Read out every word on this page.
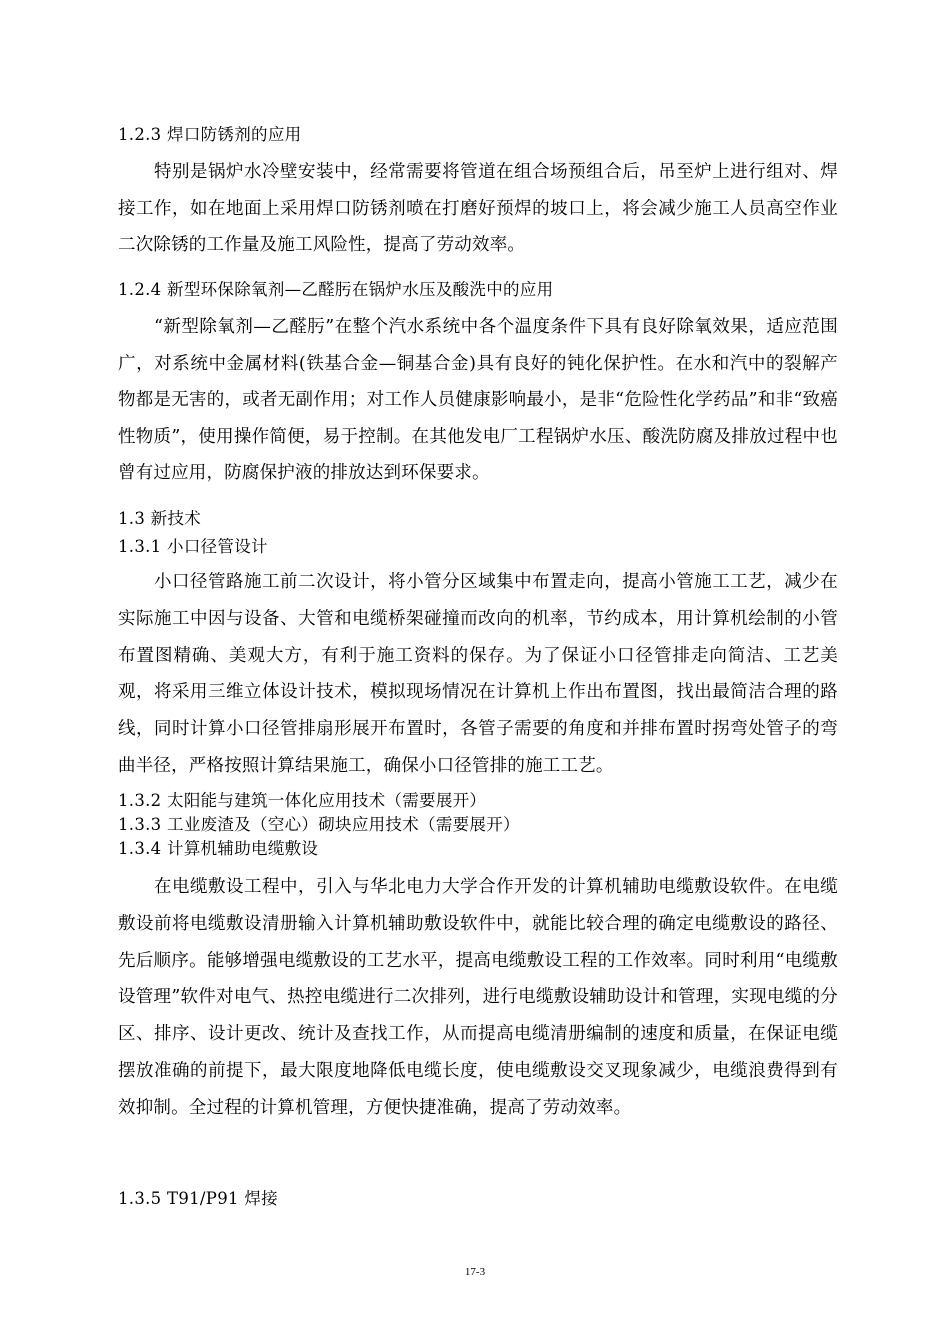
1.2.3 焊口防锈剂的应用

特别是锅炉水冷壁安装中，经常需要将管道在组合场预组合后，吊至炉上进行组对、焊接工作，如在地面上采用焊口防锈剂喷在打磨好预焊的坡口上，将会减少施工人员高空作业二次除锈的工作量及施工风险性，提高了劳动效率。

1.2.4 新型环保除氧剂—乙醛肟在锅炉水压及酸洗中的应用

“新型除氧剂—乙醛肟”在整个汽水系统中各个温度条件下具有良好除氧效果，适应范围广，对系统中金属材料(铁基合金—铜基合金)具有良好的钝化保护性。在水和汽中的裂解产物都是无害的，或者无副作用；对工作人员健康影响最小，是非“危险性化学药品”和非“致癌性物质”，使用操作简便，易于控制。在其他发电厂工程锅炉水压、酸洗防腐及排放过程中也曾有过应用，防腐保护液的排放达到环保要求。

1.3 新技术
1.3.1 小口径管设计

小口径管路施工前二次设计，将小管分区域集中布置走向，提高小管施工工艺，减少在实际施工中因与设备、大管和电缆桥架碰撞而改向的机率，节约成本，用计算机绘制的小管布置图精确、美观大方，有利于施工资料的保存。为了保证小口径管排走向简洁、工艺美观，将采用三维立体设计技术，模拟现场情况在计算机上作出布置图，找出最简洁合理的路线，同时计算小口径管排扇形展开布置时，各管子需要的角度和并排布置时拐弯处管子的弯曲半径，严格按照计算结果施工，确保小口径管排的施工工艺。

1.3.2 太阳能与建筑一体化应用技术（需要展开）
1.3.3 工业废渣及（空心）砌块应用技术（需要展开）
1.3.4 计算机辅助电缆敷设

在电缆敷设工程中，引入与华北电力大学合作开发的计算机辅助电缆敷设软件。在电缆敷设前将电缆敷设清册输入计算机辅助敷设软件中，就能比较合理的确定电缆敷设的路径、先后顺序。能够增强电缆敷设的工艺水平，提高电缆敷设工程的工作效率。同时利用“电缆敷设管理”软件对电气、热控电缆进行二次排列，进行电缆敷设辅助设计和管理，实现电缆的分区、排序、设计更改、统计及查找工作，从而提高电缆清册编制的速度和质量，在保证电缆摆放准确的前提下，最大限度地降低电缆长度，使电缆敷设交叉现象减少，电缆浪费得到有效抑制。全过程的计算机管理，方便快捷准确，提高了劳动效率。

1.3.5 T91/P91 焊接
17-3
